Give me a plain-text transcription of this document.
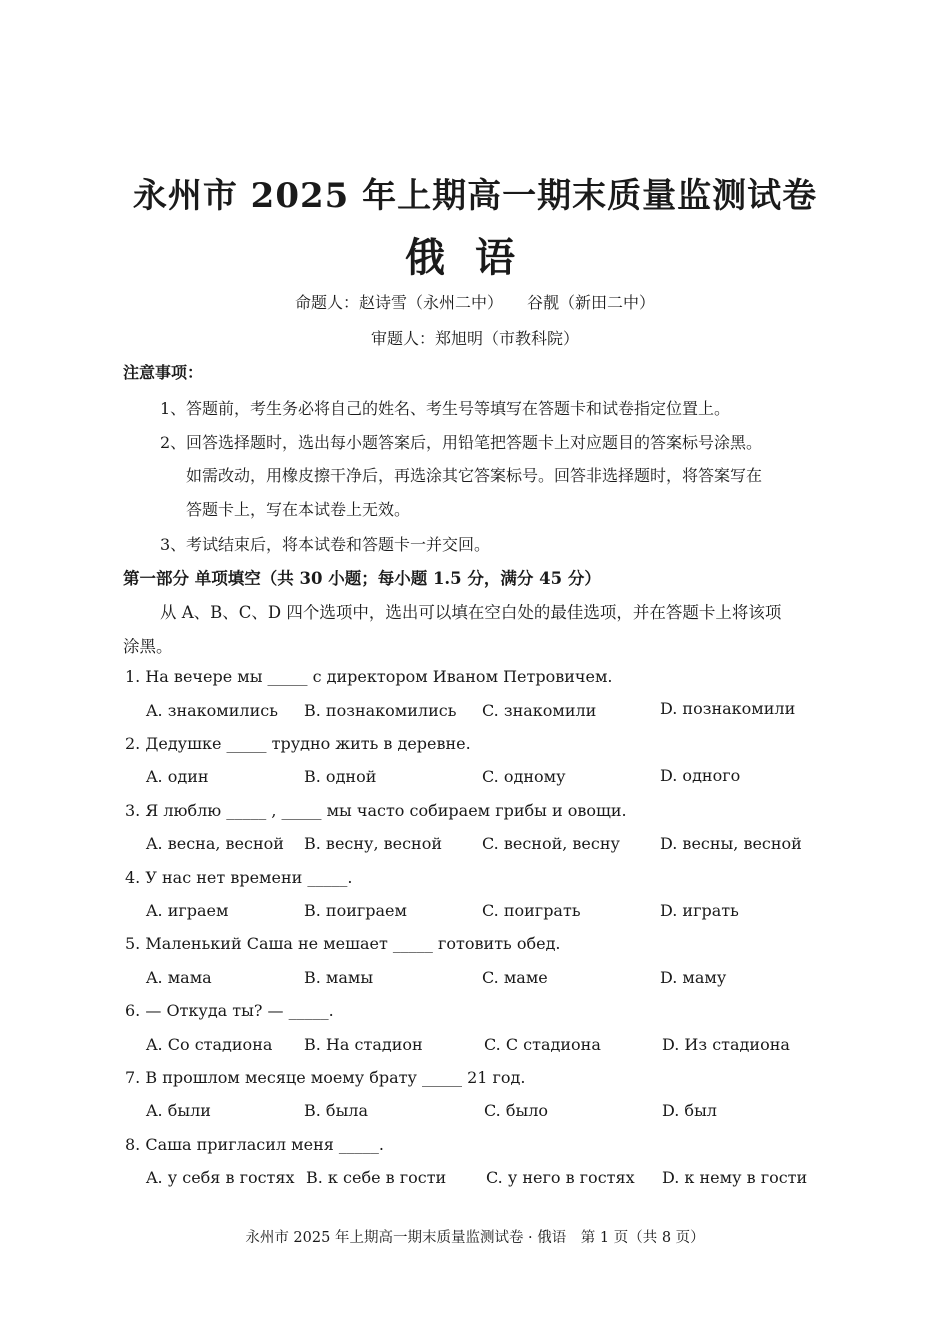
永州市 2025 年上期高一期末质量监测试卷
俄语
命题人：赵诗雪（永州二中） 谷靓（新田二中）
审题人：郑旭明（市教科院）
注意事项：
1、答题前，考生务必将自己的姓名、考生号等填写在答题卡和试卷指定位置上。
2、回答选择题时，选出每小题答案后，用铅笔把答题卡上对应题目的答案标号涂黑。
如需改动，用橡皮擦干净后，再选涂其它答案标号。回答非选择题时，将答案写在
答题卡上，写在本试卷上无效。
3、考试结束后，将本试卷和答题卡一并交回。
第一部分 单项填空（共 30 小题；每小题 1.5 分，满分 45 分）
从 A、B、C、D 四个选项中，选出可以填在空白处的最佳选项，并在答题卡上将该项
涂黑。
1. На вечере мы _____ с директором Иваном Петровичем.
A. знакомились B. познакомились C. знакомили	D. познакомили
2. Дедушке _____ трудно жить в деревне.
A. один	B. одной	C. одному	D. одного
3. Я люблю _____ , _____ мы часто собираем грибы и овощи.
A. весна, весной B. весну, весной C. весной, весну	D. весны, весной
4. У нас нет времени _____.
A. играем	B. поиграем	C. поиграть	D. играть
5. Маленький Саша не мешает _____ готовить обед.
A. мама	B. мамы	C. маме	D. маму
6. — Откуда ты? — _____.
A. Со стадиона B. На стадион	C. С стадиона	D. Из стадиона
7. В прошлом месяце моему брату _____ 21 год.
A. были	B. была	C. было	D. был
8. Саша пригласил меня _____.
A. у себя в гостях B. к себе в гости C. у него в гостях D. к нему в гости
永州市 2025 年上期高一期末质量监测试卷 · 俄语　第 1 页（共 8 页）
